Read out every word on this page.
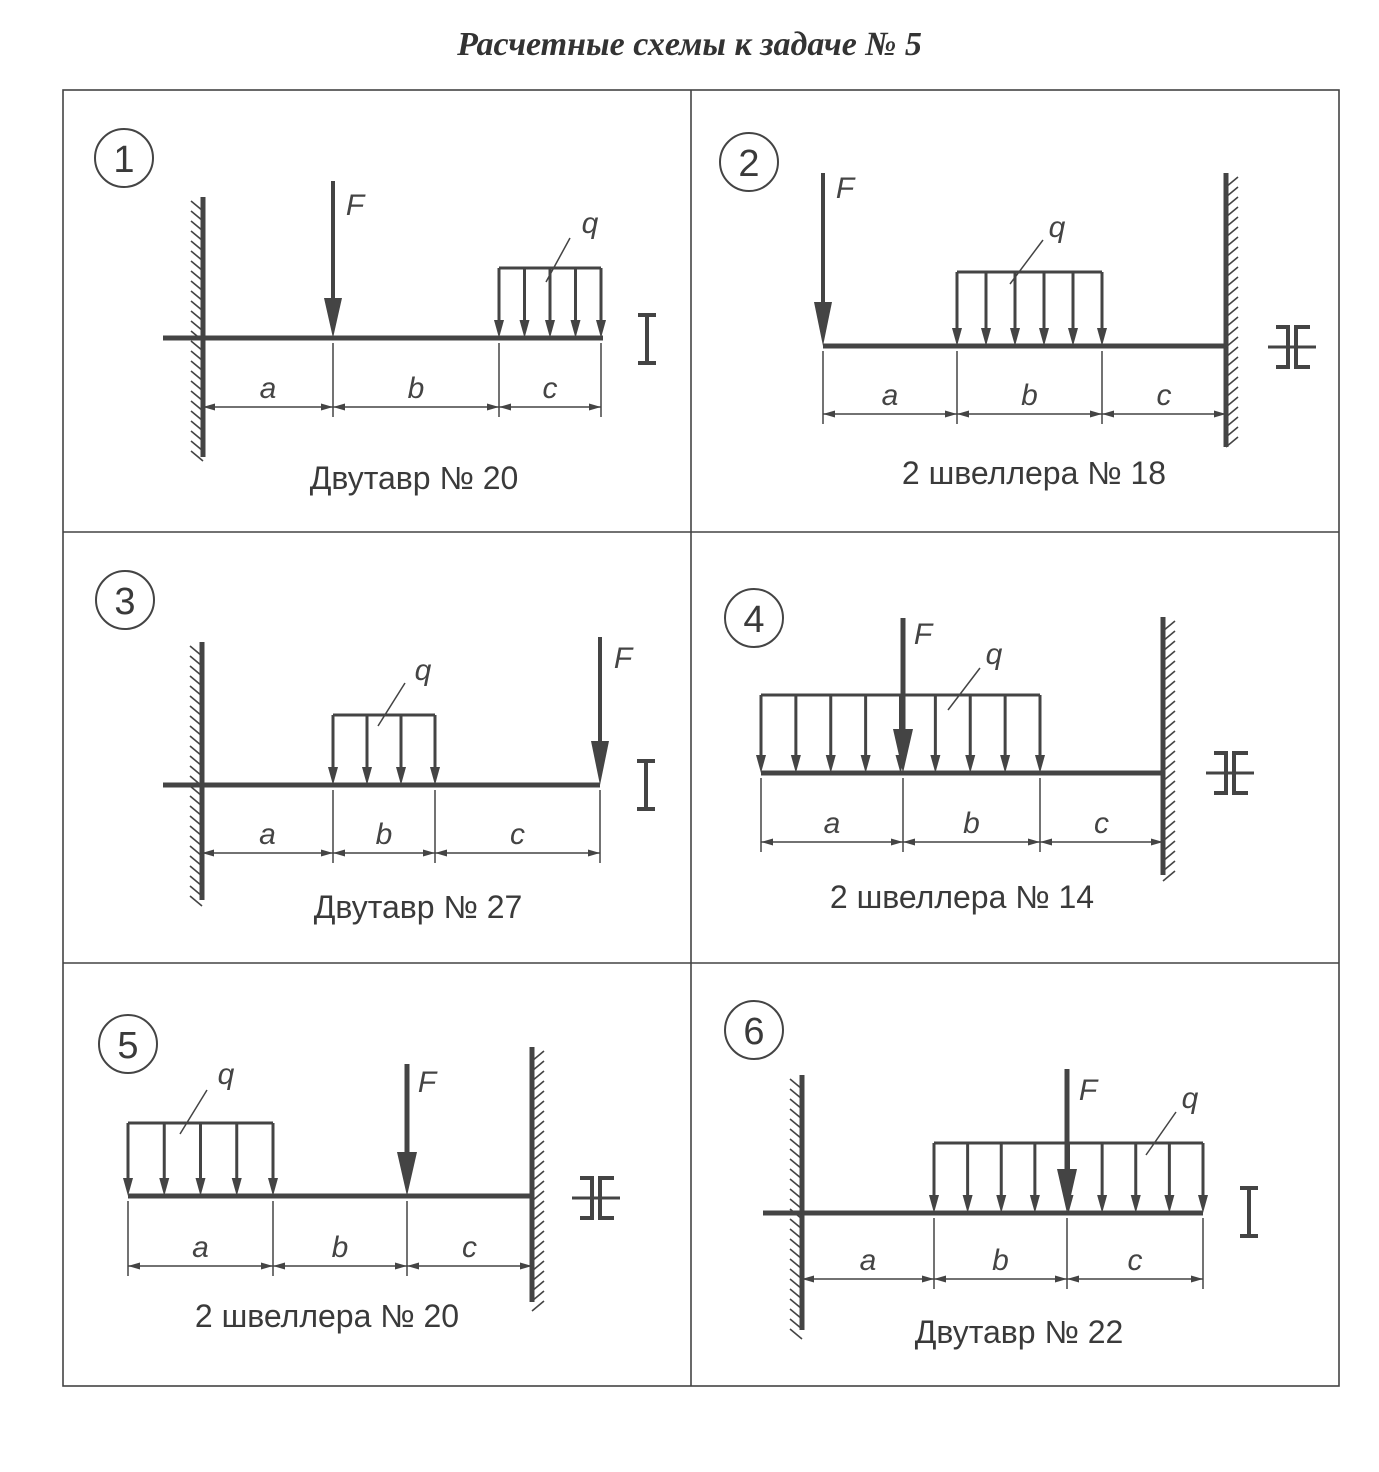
Расчетные схемы к задаче № 5
1
F
q
a	b	c
Двутавр № 20
2
F
q
a	b	c
2 швеллера № 18
3
F
q
a	b	c
Двутавр № 27
4
q
F
a	b	c
2 швеллера № 14
5
q	F
a	b	c
2 швеллера № 20
6
q
F
a	b	c
Двутавр № 22
